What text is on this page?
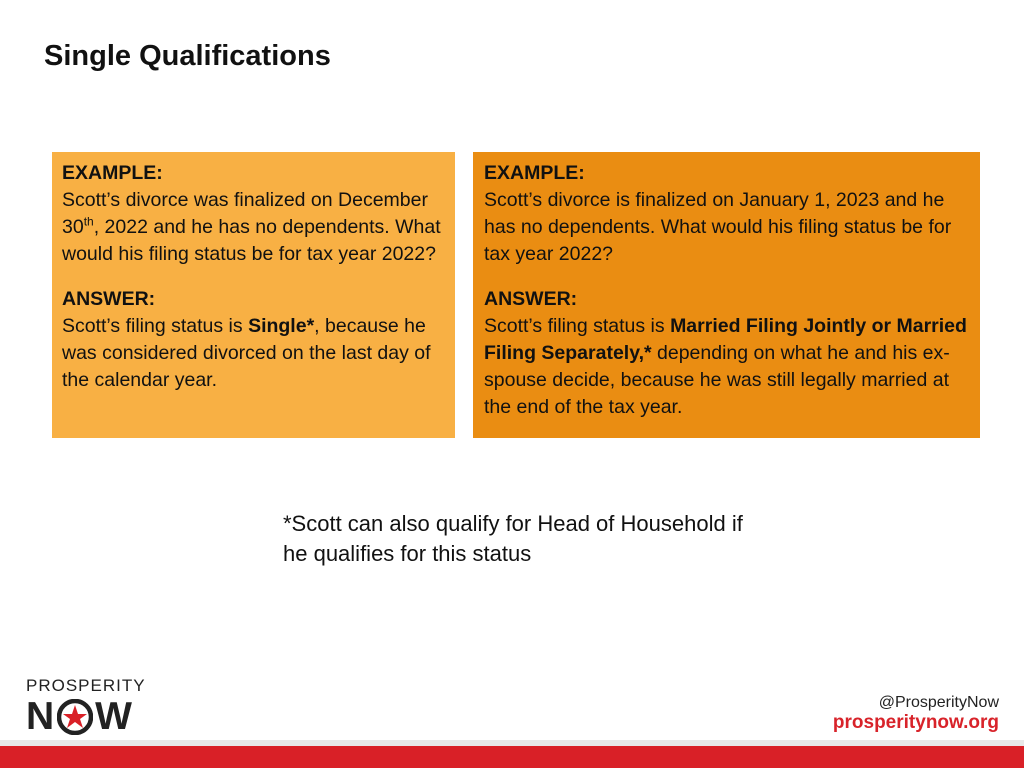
Single Qualifications

EXAMPLE:

Scott’s divorce was finalized on December 30th, 2022 and he has no dependents. What would his filing status be for tax year 2022?

ANSWER:

Scott’s filing status is Single*, because he was considered divorced on the last day of the calendar year.

EXAMPLE:

Scott’s divorce is finalized on January 1, 2023 and he has no dependents. What would his filing status be for tax year 2022?

ANSWER:

Scott’s filing status is Married Filing Jointly or Married Filing Separately,* depending on what he and his ex-spouse decide, because he was still legally married at the end of the tax year.

*Scott can also qualify for Head of Household if he qualifies for this status
PROSPERITY
N W	@ProsperityNow
prosperitynow.org
